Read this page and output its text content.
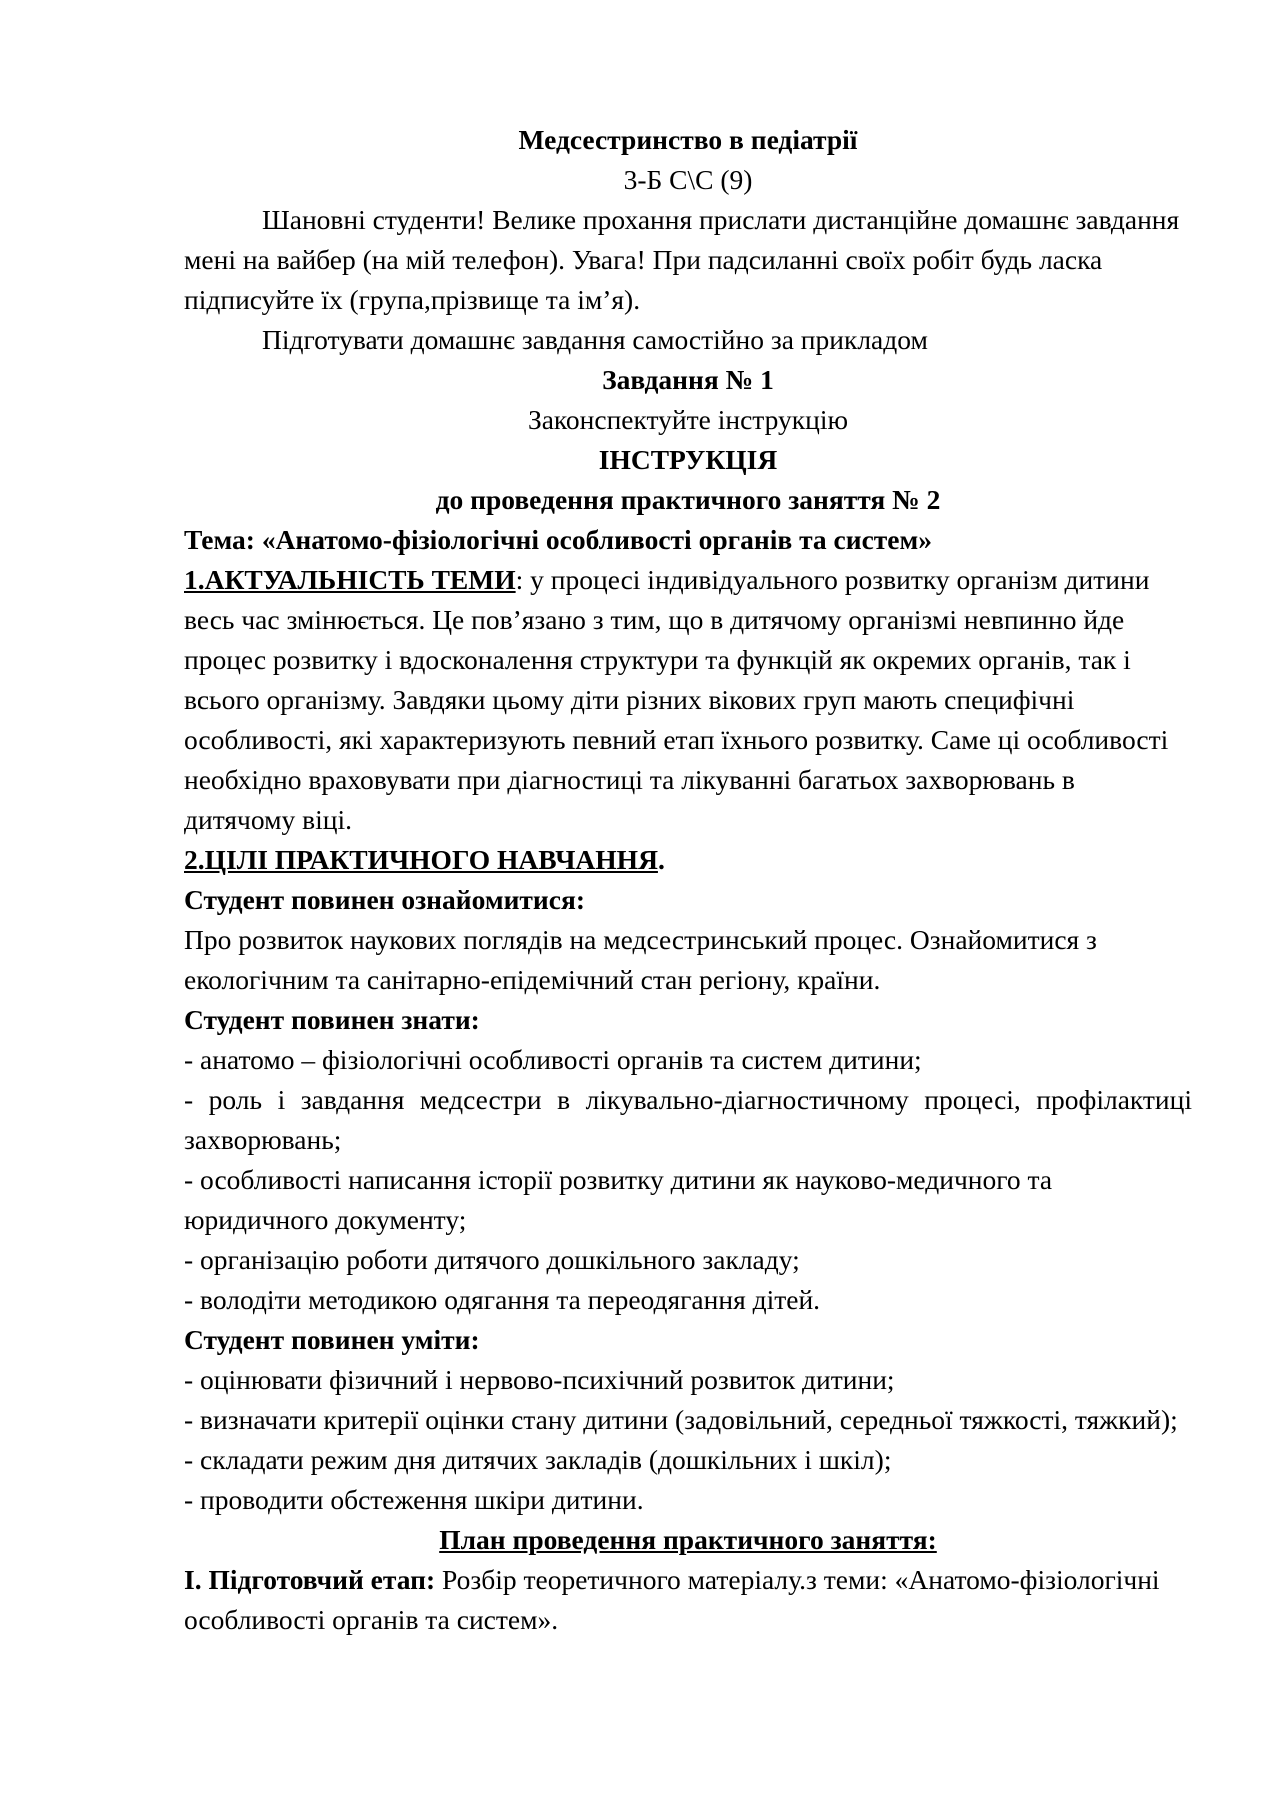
Медсестринство в педіатрії

3-Б С\С (9)

Шановні студенти! Велике прохання прислати дистанційне домашнє завдання мені на вайбер (на мій телефон). Увага! При падсиланні своїх робіт будь ласка підписуйте їх (група,прізвище та ім’я).

Підготувати домашнє завдання самостійно за прикладом

Завдання № 1

Законспектуйте інструкцію

ІНСТРУКЦІЯ

до проведення практичного заняття № 2

Тема: «Анатомо-фізіологічні особливості органів та систем»

1.АКТУАЛЬНІСТЬ ТЕМИ: у процесі індивідуального розвитку організм дитини весь час змінюється. Це пов’язано з тим, що в дитячому організмі невпинно йде процес розвитку і вдосконалення структури та функцій як окремих органів, так і всього організму. Завдяки цьому діти різних вікових груп мають специфічні особливості, які характеризують певний етап їхнього розвитку. Саме ці особливості необхідно враховувати при діагностиці та лікуванні багатьох захворювань в дитячому віці.

2.ЦІЛІ ПРАКТИЧНОГО НАВЧАННЯ.

Студент повинен ознайомитися:

Про розвиток наукових поглядів на медсестринський процес. Ознайомитися з екологічним та санітарно-епідемічний стан регіону, країни.

Студент повинен знати:

- анатомо – фізіологічні особливості органів та систем дитини;

- роль і завдання медсестри в лікувально-діагностичному процесі, профілактиці захворювань;

- особливості написання історії розвитку дитини як науково-медичного та юридичного документу;

- організацію роботи дитячого дошкільного закладу;

- володіти методикою одягання та переодягання дітей.

Студент повинен уміти:

- оцінювати фізичний і нервово-психічний розвиток дитини;

- визначати критерії оцінки стану дитини (задовільний, середньої тяжкості, тяжкий);

- складати режим дня дитячих закладів (дошкільних і шкіл);

- проводити обстеження шкіри дитини.

План проведення практичного заняття:

І. Підготовчий етап: Розбір теоретичного матеріалу.з теми: «Анатомо-фізіологічні особливості органів та систем».
